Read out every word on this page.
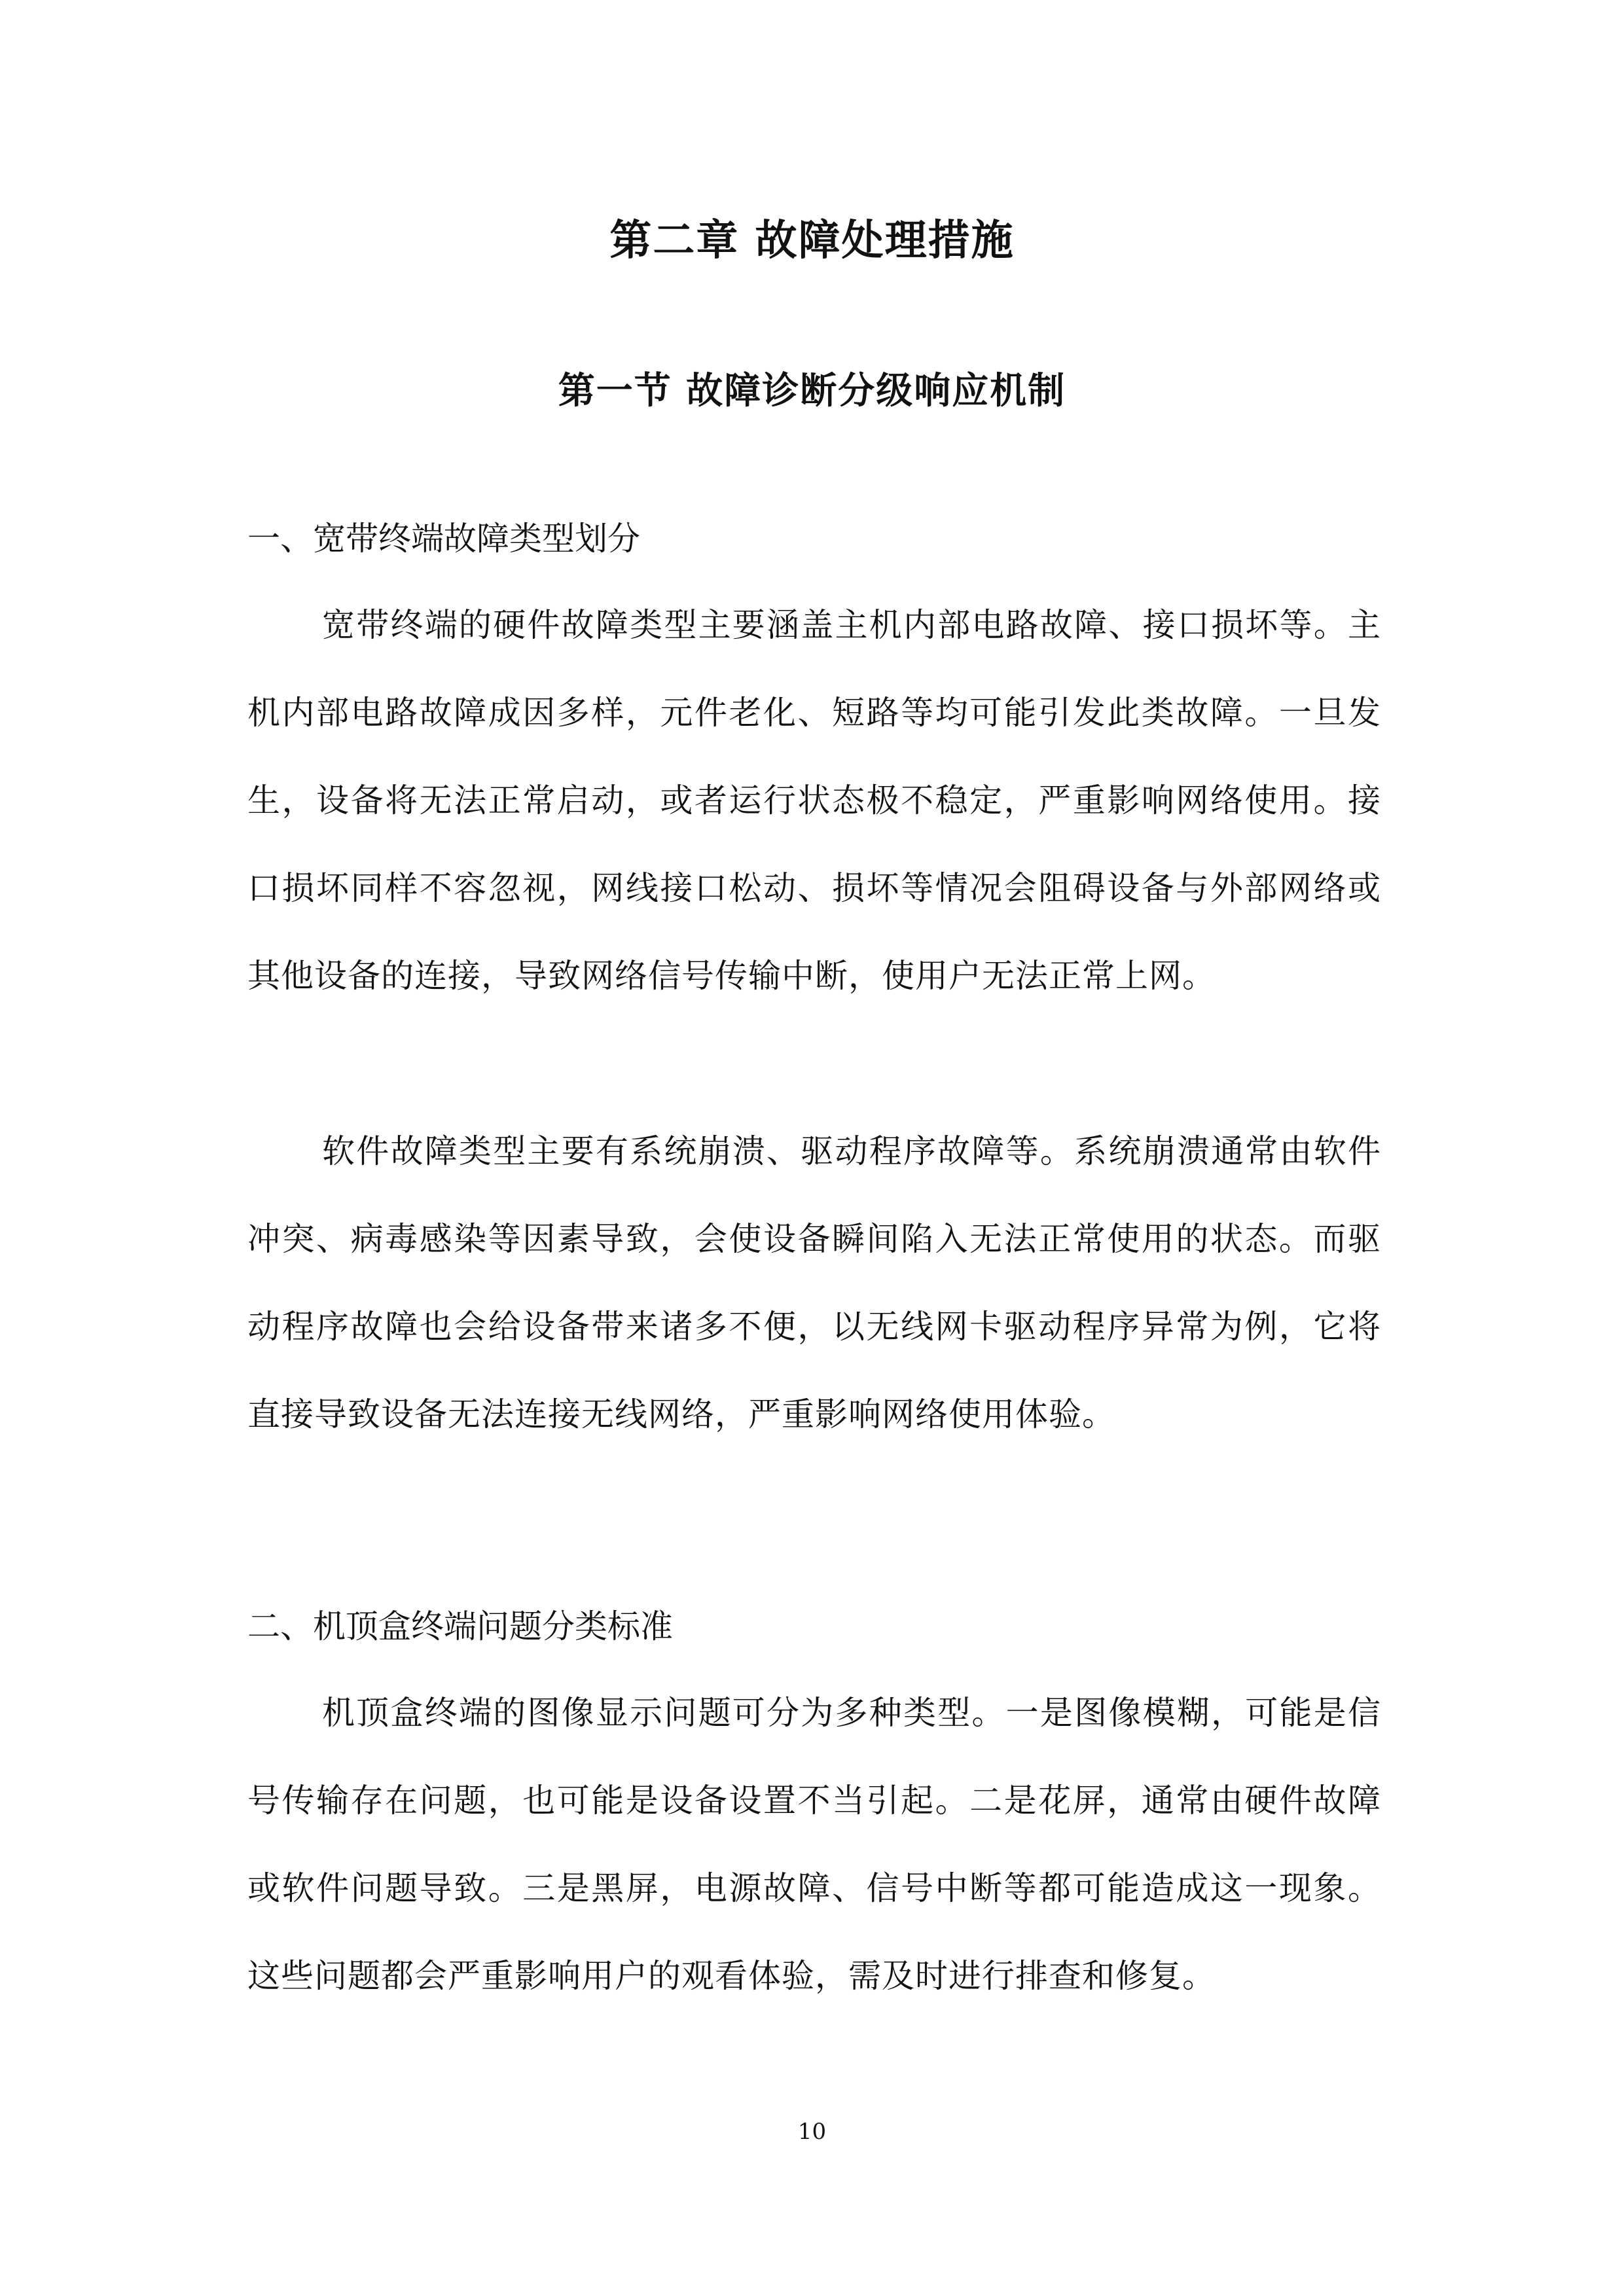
第二章 故障处理措施
第一节 故障诊断分级响应机制
一、宽带终端故障类型划分

宽带终端的硬件故障类型主要涵盖主机内部电路故障、接口损坏等。主机内部电路故障成因多样，元件老化、短路等均可能引发此类故障。一旦发生，设备将无法正常启动，或者运行状态极不稳定，严重影响网络使用。接口损坏同样不容忽视，网线接口松动、损坏等情况会阻碍设备与外部网络或其他设备的连接，导致网络信号传输中断，使用户无法正常上网。

软件故障类型主要有系统崩溃、驱动程序故障等。系统崩溃通常由软件冲突、病毒感染等因素导致，会使设备瞬间陷入无法正常使用的状态。而驱动程序故障也会给设备带来诸多不便，以无线网卡驱动程序异常为例，它将直接导致设备无法连接无线网络，严重影响网络使用体验。

二、机顶盒终端问题分类标准

机顶盒终端的图像显示问题可分为多种类型。一是图像模糊，可能是信号传输存在问题，也可能是设备设置不当引起。二是花屏，通常由硬件故障或软件问题导致。三是黑屏，电源故障、信号中断等都可能造成这一现象。这些问题都会严重影响用户的观看体验，需及时进行排查和修复。

10
